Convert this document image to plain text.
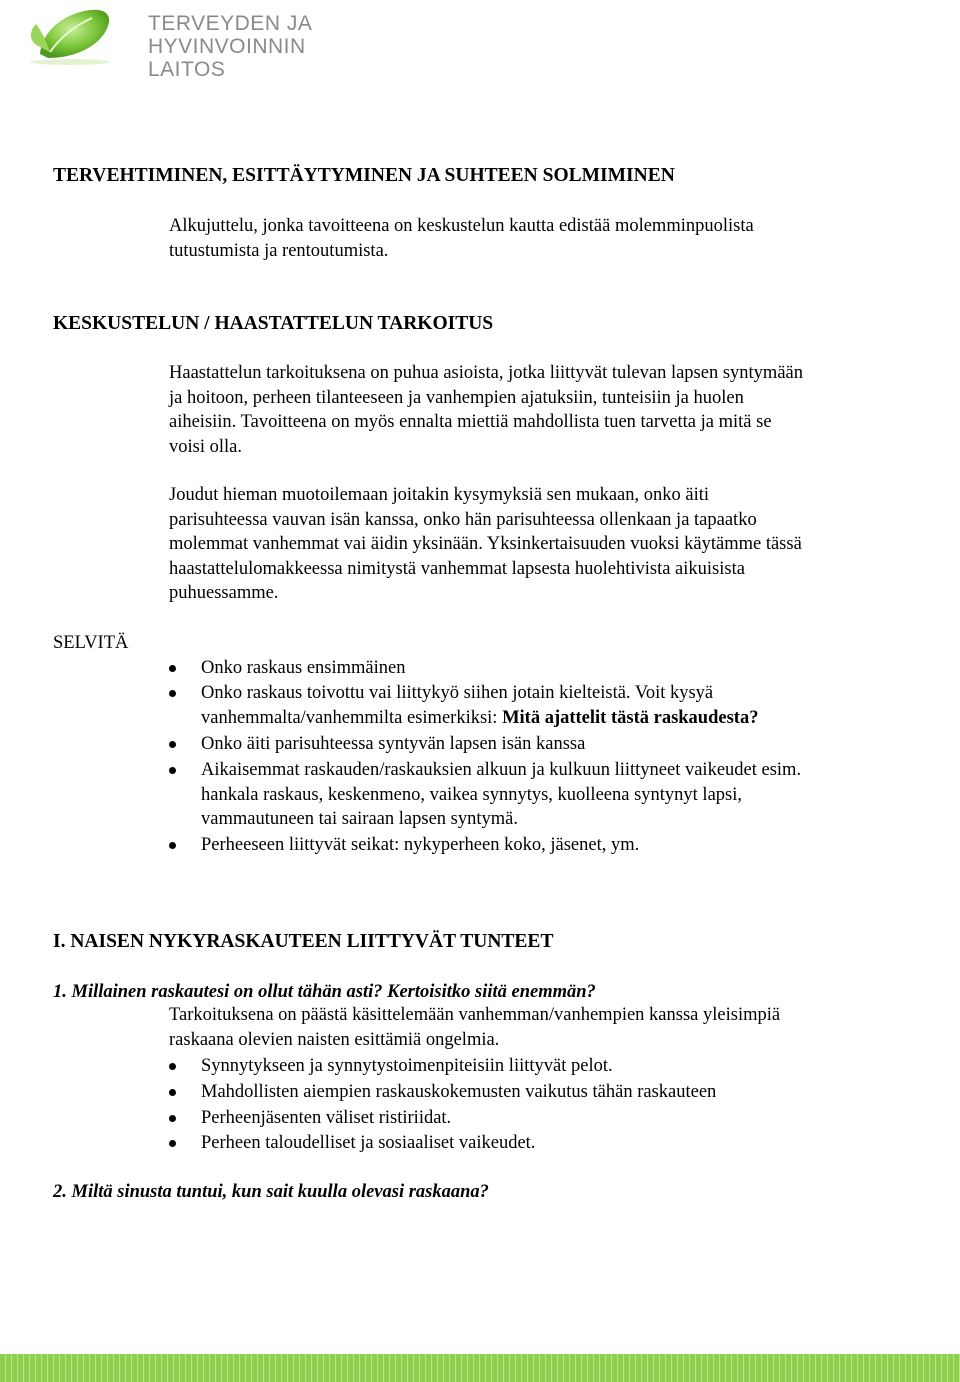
TERVEYDEN JA
HYVINVOINNIN LAITOS
TERVEHTIMINEN, ESITTÄYTYMINEN JA SUHTEEN SOLMIMINEN
Alkujuttelu, jonka tavoitteena on keskustelun kautta edistää molemminpuolista
tutustumista ja rentoutumista.
KESKUSTELUN / HAASTATTELUN TARKOITUS
Haastattelun tarkoituksena on puhua asioista, jotka liittyvät tulevan lapsen syntymään
ja hoitoon, perheen tilanteeseen ja vanhempien ajatuksiin, tunteisiin ja huolen
aiheisiin. Tavoitteena on myös ennalta miettiä mahdollista tuen tarvetta ja mitä se
voisi olla.
Joudut hieman muotoilemaan joitakin kysymyksiä sen mukaan, onko äiti
parisuhteessa vauvan isän kanssa, onko hän parisuhteessa ollenkaan ja tapaatko
molemmat vanhemmat vai äidin yksinään. Yksinkertaisuuden vuoksi käytämme tässä
haastattelulomakkeessa nimitystä vanhemmat lapsesta huolehtivista aikuisista
puhuessamme.
SELVITÄ
Onko raskaus ensimmäinen
Onko raskaus toivottu vai liittykyö siihen jotain kielteistä. Voit kysyä
vanhemmalta/vanhemmilta esimerkiksi: Mitä ajattelit tästä raskaudesta?
Onko äiti parisuhteessa syntyvän lapsen isän kanssa
Aikaisemmat raskauden/raskauksien alkuun ja kulkuun liittyneet vaikeudet esim.
hankala raskaus, keskenmeno, vaikea synnytys, kuolleena syntynyt lapsi,
vammautuneen tai sairaan lapsen syntymä.
Perheeseen liittyvät seikat: nykyperheen koko, jäsenet, ym.
I. NAISEN NYKYRASKAUTEEN LIITTYVÄT TUNTEET
1. Millainen raskautesi on ollut tähän asti? Kertoisitko siitä enemmän?
Tarkoituksena on päästä käsittelemään vanhemman/vanhempien kanssa yleisimpiä
raskaana olevien naisten esittämiä ongelmia.
Synnytykseen ja synnytystoimenpiteisiin liittyvät pelot.
Mahdollisten aiempien raskauskokemusten vaikutus tähän raskauteen
Perheenjäsenten väliset ristiriidat.
Perheen taloudelliset ja sosiaaliset vaikeudet.
2. Miltä sinusta tuntui, kun sait kuulla olevasi raskaana?
